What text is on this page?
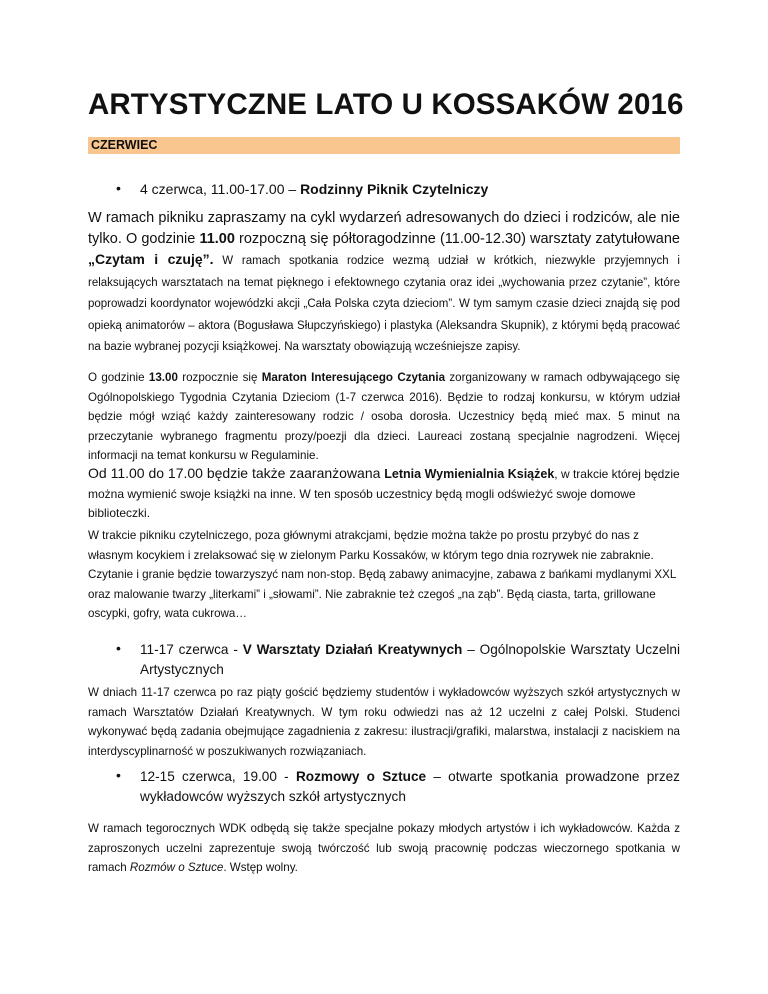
ARTYSTYCZNE LATO U KOSSAKÓW 2016
CZERWIEC
• 4 czerwca, 11.00-17.00 – Rodzinny Piknik Czytelniczy

W ramach pikniku zapraszamy na cykl wydarzeń adresowanych do dzieci i rodziców, ale nie tylko. O godzinie 11.00 rozpoczną się półtoragodzinne (11.00-12.30) warsztaty zatytułowane „Czytam i czuję”. W ramach spotkania rodzice wezmą udział w krótkich, niezwykle przyjemnych i relaksujących warsztatach na temat pięknego i efektownego czytania oraz idei „wychowania przez czytanie”, które poprowadzi koordynator wojewódzki akcji „Cała Polska czyta dzieciom”. W tym samym czasie dzieci znajdą się pod opieką animatorów – aktora (Bogusława Słupczyńskiego) i plastyka (Aleksandra Skupnik), z którymi będą pracować na bazie wybranej pozycji książkowej. Na warsztaty obowiązują wcześniejsze zapisy.

O godzinie 13.00 rozpocznie się Maraton Interesującego Czytania zorganizowany w ramach odbywającego się Ogólnopolskiego Tygodnia Czytania Dzieciom (1-7 czerwca 2016). Będzie to rodzaj konkursu, w którym udział będzie mógł wziąć każdy zainteresowany rodzic / osoba dorosła. Uczestnicy będą mieć max. 5 minut na przeczytanie wybranego fragmentu prozy/poezji dla dzieci. Laureaci zostaną specjalnie nagrodzeni. Więcej informacji na temat konkursu w Regulaminie.

Od 11.00 do 17.00 będzie także zaaranżowana Letnia Wymienialnia Książek, w trakcie której będzie można wymienić swoje książki na inne. W ten sposób uczestnicy będą mogli odświeżyć swoje domowe biblioteczki.

W trakcie pikniku czytelniczego, poza głównymi atrakcjami, będzie można także po prostu przybyć do nas z własnym kocykiem i zrelaksować się w zielonym Parku Kossaków, w którym tego dnia rozrywek nie zabraknie. Czytanie i granie będzie towarzyszyć nam non-stop. Będą zabawy animacyjne, zabawa z bańkami mydlanymi XXL oraz malowanie twarzy „literkami” i „słowami”. Nie zabraknie też czegoś „na ząb”. Będą ciasta, tarta, grillowane oscypki, gofry, wata cukrowa…

• 11-17 czerwca - V Warsztaty Działań Kreatywnych – Ogólnopolskie Warsztaty Uczelni Artystycznych

W dniach 11-17 czerwca po raz piąty gościć będziemy studentów i wykładowców wyższych szkół artystycznych w ramach Warsztatów Działań Kreatywnych. W tym roku odwiedzi nas aż 12 uczelni z całej Polski. Studenci wykonywać będą zadania obejmujące zagadnienia z zakresu: ilustracji/grafiki, malarstwa, instalacji z naciskiem na interdyscyplinarność w poszukiwanych rozwiązaniach.

• 12-15 czerwca, 19.00 - Rozmowy o Sztuce – otwarte spotkania prowadzone przez wykładowców wyższych szkół artystycznych

W ramach tegorocznych WDK odbędą się także specjalne pokazy młodych artystów i ich wykładowców. Każda z zaproszonych uczelni zaprezentuje swoją twórczość lub swoją pracownię podczas wieczornego spotkania w ramach Rozmów o Sztuce. Wstęp wolny.
